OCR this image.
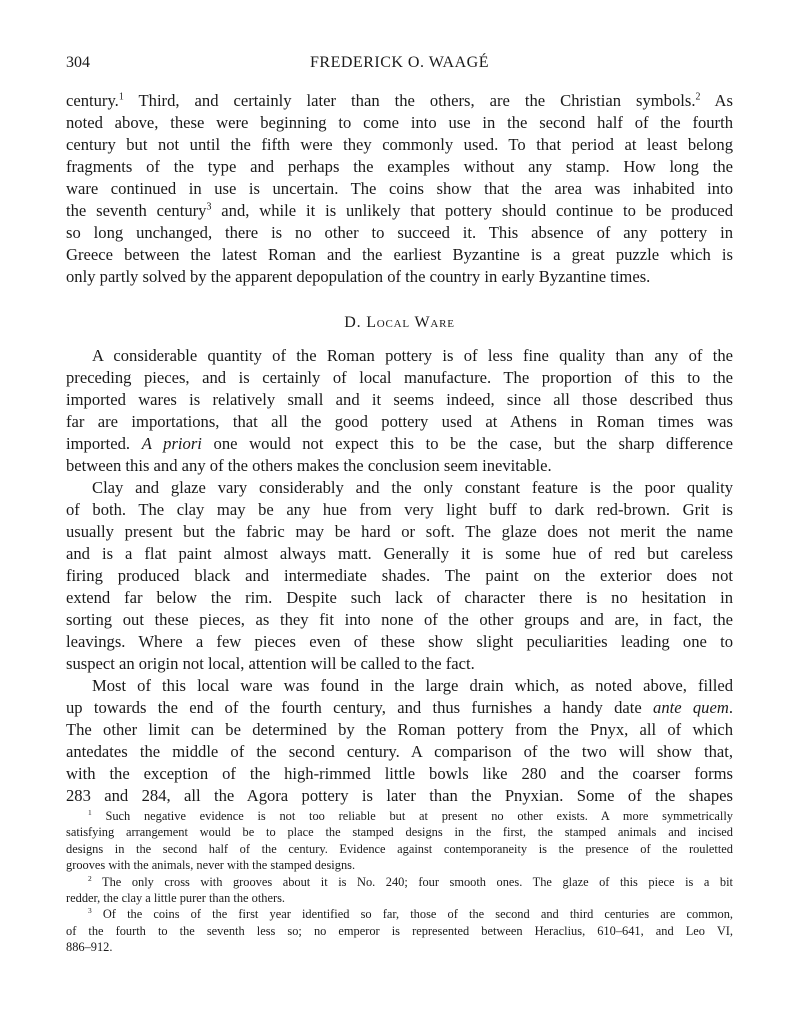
304	FREDERICK O. WAAGÉ
century.$^1$ Third, and certainly later than the others, are the Christian symbols.$^2$ As
noted above, these were beginning to come into use in the second half of the fourth
century but not until the fifth were they commonly used. To that period at least belong
fragments of the type and perhaps the examples without any stamp. How long the
ware continued in use is uncertain. The coins show that the area was inhabited into
the seventh century$^3$ and, while it is unlikely that pottery should continue to be produced
so long unchanged, there is no other to succeed it. This absence of any pottery in
Greece between the latest Roman and the earliest Byzantine is a great puzzle which is
only partly solved by the apparent depopulation of the country in early Byzantine times.
D. Local Ware
A considerable quantity of the Roman pottery is of less fine quality than any of the
preceding pieces, and is certainly of local manufacture. The proportion of this to the
imported wares is relatively small and it seems indeed, since all those described thus
far are importations, that all the good pottery used at Athens in Roman times was
imported. A priori one would not expect this to be the case, but the sharp difference
between this and any of the others makes the conclusion seem inevitable.
Clay and glaze vary considerably and the only constant feature is the poor quality
of both. The clay may be any hue from very light buff to dark red-brown. Grit is
usually present but the fabric may be hard or soft. The glaze does not merit the name
and is a flat paint almost always matt. Generally it is some hue of red but careless
firing produced black and intermediate shades. The paint on the exterior does not
extend far below the rim. Despite such lack of character there is no hesitation in
sorting out these pieces, as they fit into none of the other groups and are, in fact, the
leavings. Where a few pieces even of these show slight peculiarities leading one to
suspect an origin not local, attention will be called to the fact.
Most of this local ware was found in the large drain which, as noted above, filled
up towards the end of the fourth century, and thus furnishes a handy date ante quem.
The other limit can be determined by the Roman pottery from the Pnyx, all of which
antedates the middle of the second century. A comparison of the two will show that,
with the exception of the high-rimmed little bowls like 280 and the coarser forms
283 and 284, all the Agora pottery is later than the Pnyxian. Some of the shapes
$^1$ Such negative evidence is not too reliable but at present no other exists. A more symmetrically
satisfying arrangement would be to place the stamped designs in the first, the stamped animals and incised
designs in the second half of the century. Evidence against contemporaneity is the presence of the rouletted
grooves with the animals, never with the stamped designs.
$^2$ The only cross with grooves about it is No. 240; four smooth ones. The glaze of this piece is a bit
redder, the clay a little purer than the others.
$^3$ Of the coins of the first year identified so far, those of the second and third centuries are common,
of the fourth to the seventh less so; no emperor is represented between Heraclius, 610–641, and Leo VI,
886–912.
